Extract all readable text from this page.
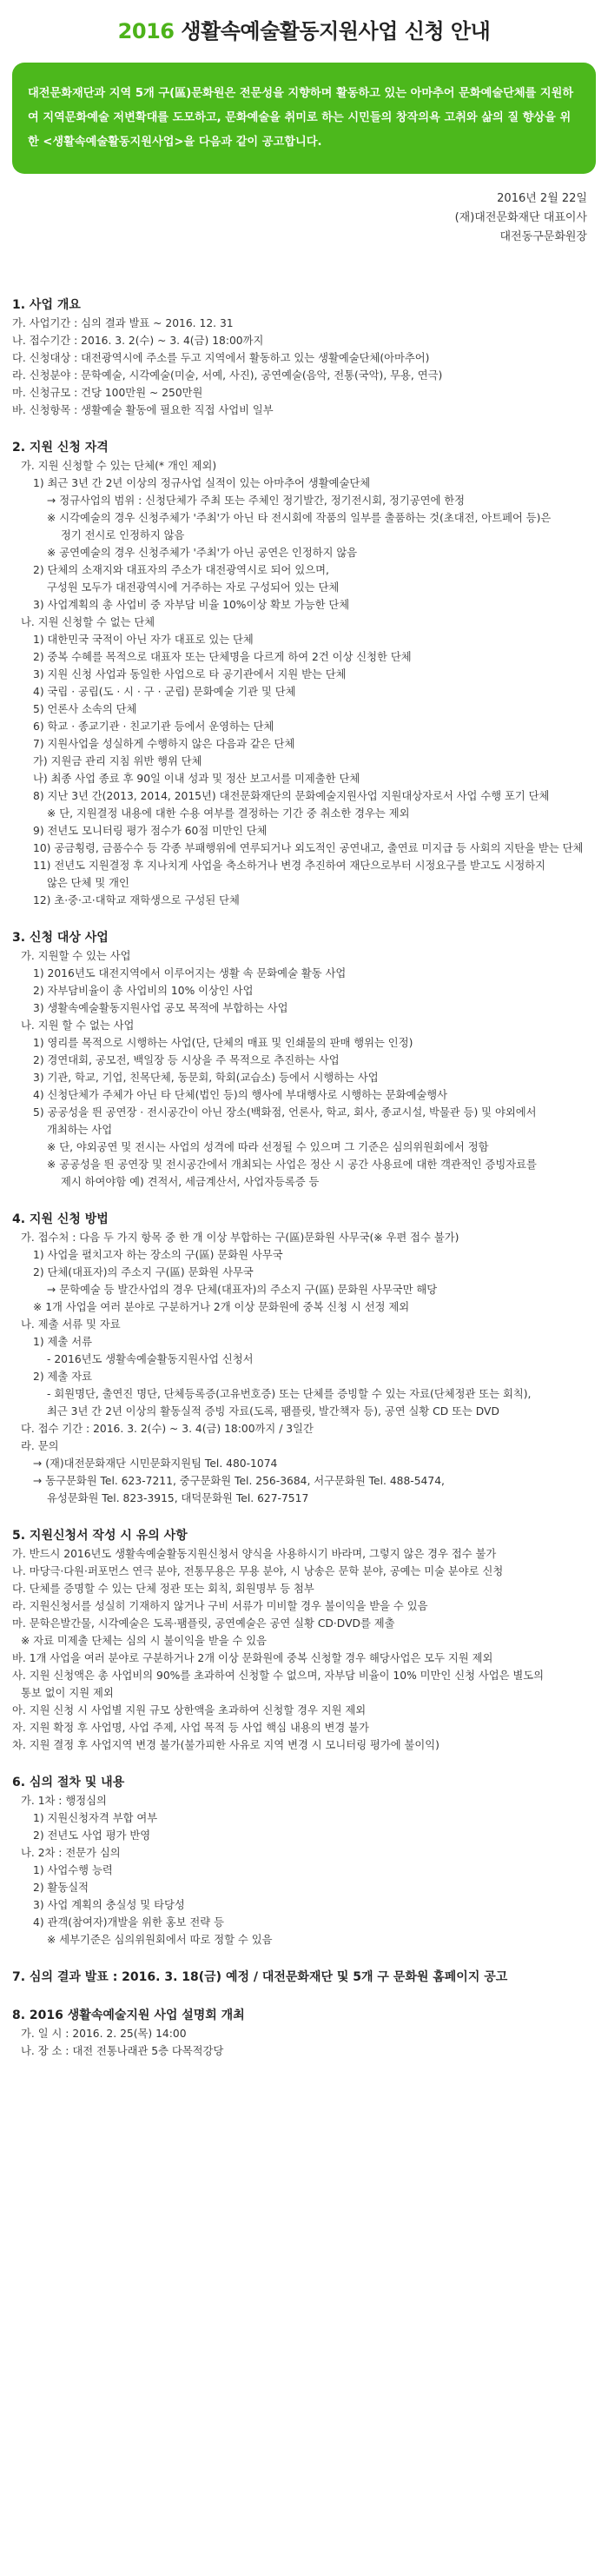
2016 생활속예술활동지원사업 신청 안내
대전문화재단과 지역 5개 구(區)문화원은 전문성을 지향하며 활동하고 있는 아마추어 문화예술단체를 지원하여 지역문화예술 저변확대를 도모하고, 문화예술을 취미로 하는 시민들의 창작의욕 고취와 삶의 질 향상을 위한 <생활속예술활동지원사업>을 다음과 같이 공고합니다.
2016년 2월 22일
(재)대전문화재단 대표이사
대전동구문화원장
1. 사업 개요
가. 사업기간 : 심의 결과 발표 ~ 2016. 12. 31
나. 접수기간 : 2016. 3. 2(수) ~ 3. 4(금) 18:00까지
다. 신청대상 : 대전광역시에 주소를 두고 지역에서 활동하고 있는 생활예술단체(아마추어)
라. 신청분야 : 문학예술, 시각예술(미술, 서예, 사진), 공연예술(음악, 전통(국악), 무용, 연극)
마. 신청규모 : 건당 100만원 ~ 250만원
바. 신청항목 : 생활예술 활동에 필요한 직접 사업비 일부
2. 지원 신청 자격
가. 지원 신청할 수 있는 단체(* 개인 제외)
1) 최근 3년 간 2년 이상의 정규사업 실적이 있는 아마추어 생활예술단체
→ 정규사업의 범위 : 신청단체가 주최 또는 주체인 정기발간, 정기전시회, 정기공연에 한정
※ 시각예술의 경우 신청주체가 '주최'가 아닌 타 전시회에 작품의 일부를 출품하는 것(초대전, 아트페어 등)은
정기 전시로 인정하지 않음
※ 공연예술의 경우 신청주체가 '주최'가 아닌 공연은 인정하지 않음
2) 단체의 소재지와 대표자의 주소가 대전광역시로 되어 있으며,
구성원 모두가 대전광역시에 거주하는 자로 구성되어 있는 단체
3) 사업계획의 총 사업비 중 자부담 비율 10%이상 확보 가능한 단체
나. 지원 신청할 수 없는 단체
1) 대한민국 국적이 아닌 자가 대표로 있는 단체
2) 중복 수혜를 목적으로 대표자 또는 단체명을 다르게 하여 2건 이상 신청한 단체
3) 지원 신청 사업과 동일한 사업으로 타 공기관에서 지원 받는 단체
4) 국립 · 공립(도 · 시 · 구 · 군립) 문화예술 기관 및 단체
5) 언론사 소속의 단체
6) 학교 · 종교기관 · 친교기관 등에서 운영하는 단체
7) 지원사업을 성실하게 수행하지 않은 다음과 같은 단체
가) 지원금 관리 지침 위반 행위 단체
나) 최종 사업 종료 후 90일 이내 성과 및 정산 보고서를 미제출한 단체
8) 지난 3년 간(2013, 2014, 2015년) 대전문화재단의 문화예술지원사업 지원대상자로서 사업 수행 포기 단체
※ 단, 지원결정 내용에 대한 수용 여부를 결정하는 기간 중 취소한 경우는 제외
9) 전년도 모니터링 평가 점수가 60점 미만인 단체
10) 공금횡령, 금품수수 등 각종 부패행위에 연루되거나 외도적인 공연내고, 출연료 미지급 등 사회의 지탄을 받는 단체
11) 전년도 지원결정 후 지나치게 사업을 축소하거나 변경 추진하여 재단으로부터 시정요구를 받고도 시정하지
않은 단체 및 개인
12) 초·중·고·대학교 재학생으로 구성된 단체
3. 신청 대상 사업
가. 지원할 수 있는 사업
1) 2016년도 대전지역에서 이루어지는 생활 속 문화예술 활동 사업
2) 자부담비율이 총 사업비의 10% 이상인 사업
3) 생활속예술활동지원사업 공모 목적에 부합하는 사업
나. 지원 할 수 없는 사업
1) 영리를 목적으로 시행하는 사업(단, 단체의 매표 및 인쇄물의 판매 행위는 인정)
2) 경연대회, 공모전, 백일장 등 시상을 주 목적으로 추진하는 사업
3) 기관, 학교, 기업, 친목단체, 동문회, 학회(교습소) 등에서 시행하는 사업
4) 신청단체가 주체가 아닌 타 단체(법인 등)의 행사에 부대행사로 시행하는 문화예술행사
5) 공공성을 띈 공연장 · 전시공간이 아닌 장소(백화점, 언론사, 학교, 회사, 종교시설, 박물관 등) 및 야외에서
개최하는 사업
※ 단, 야외공연 및 전시는 사업의 성격에 따라 선정될 수 있으며 그 기준은 심의위원회에서 정함
※ 공공성을 띈 공연장 및 전시공간에서 개최되는 사업은 정산 시 공간 사용료에 대한 객관적인 증빙자료를
제시 하여야함 예) 견적서, 세금계산서, 사업자등록증 등
4. 지원 신청 방법
가. 접수처 : 다음 두 가지 항목 중 한 개 이상 부합하는 구(區)문화원 사무국(※ 우편 접수 불가)
1) 사업을 펼치고자 하는 장소의 구(區) 문화원 사무국
2) 단체(대표자)의 주소지 구(區) 문화원 사무국
→ 문학예술 등 발간사업의 경우 단체(대표자)의 주소지 구(區) 문화원 사무국만 해당
※ 1개 사업을 여러 분야로 구분하거나 2개 이상 문화원에 중복 신청 시 선정 제외
나. 제출 서류 및 자료
1) 제출 서류
- 2016년도 생활속예술활동지원사업 신청서
2) 제출 자료
- 회원명단, 출연진 명단, 단체등록증(고유번호증) 또는 단체를 증빙할 수 있는 자료(단체정관 또는 회칙),
최근 3년 간 2년 이상의 활동실적 증빙 자료(도록, 팸플릿, 발간책자 등), 공연 실황 CD 또는 DVD
다. 접수 기간 : 2016. 3. 2(수) ~ 3. 4(금) 18:00까지 / 3일간
라. 문의
→ (재)대전문화재단 시민문화지원팀 Tel. 480-1074
→ 동구문화원 Tel. 623-7211, 중구문화원 Tel. 256-3684, 서구문화원 Tel. 488-5474,
유성문화원 Tel. 823-3915, 대덕문화원 Tel. 627-7517
5. 지원신청서 작성 시 유의 사항
가. 반드시 2016년도 생활속예술활동지원신청서 양식을 사용하시기 바라며, 그렇지 않은 경우 접수 불가
나. 마당극·다원·퍼포먼스 연극 분야, 전통무용은 무용 분야, 시 낭송은 문학 분야, 공예는 미술 분야로 신청
다. 단체를 증명할 수 있는 단체 정관 또는 회칙, 회원명부 등 첨부
라. 지원신청서를 성실히 기재하지 않거나 구비 서류가 미비할 경우 불이익을 받을 수 있음
마. 문학은발간물, 시각예술은 도록·팸플릿, 공연예술은 공연 실황 CD·DVD를 제출
※ 자료 미제출 단체는 심의 시 불이익을 받을 수 있음
바. 1개 사업을 여러 분야로 구분하거나 2개 이상 문화원에 중복 신청할 경우 해당사업은 모두 지원 제외
사. 지원 신청액은 총 사업비의 90%를 초과하여 신청할 수 없으며, 자부담 비율이 10% 미만인 신청 사업은 별도의
통보 없이 지원 제외
아. 지원 신청 시 사업별 지원 규모 상한액을 초과하여 신청할 경우 지원 제외
자. 지원 확정 후 사업명, 사업 주제, 사업 목적 등 사업 핵심 내용의 변경 불가
차. 지원 결정 후 사업지역 변경 불가(불가피한 사유로 지역 변경 시 모니터링 평가에 불이익)
6. 심의 절차 및 내용
가. 1차 : 행정심의
1) 지원신청자격 부합 여부
2) 전년도 사업 평가 반영
나. 2차 : 전문가 심의
1) 사업수행 능력
2) 활동실적
3) 사업 계획의 충실성 및 타당성
4) 관객(참여자)개발을 위한 홍보 전략 등
※ 세부기준은 심의위원회에서 따로 정할 수 있음
7. 심의 결과 발표 : 2016. 3. 18(금) 예정 / 대전문화재단 및 5개 구 문화원 홈페이지 공고
8. 2016 생활속예술지원 사업 설명회 개최
가. 일 시 : 2016. 2. 25(목) 14:00
나. 장 소 : 대전 전통나래관 5층 다목적강당
